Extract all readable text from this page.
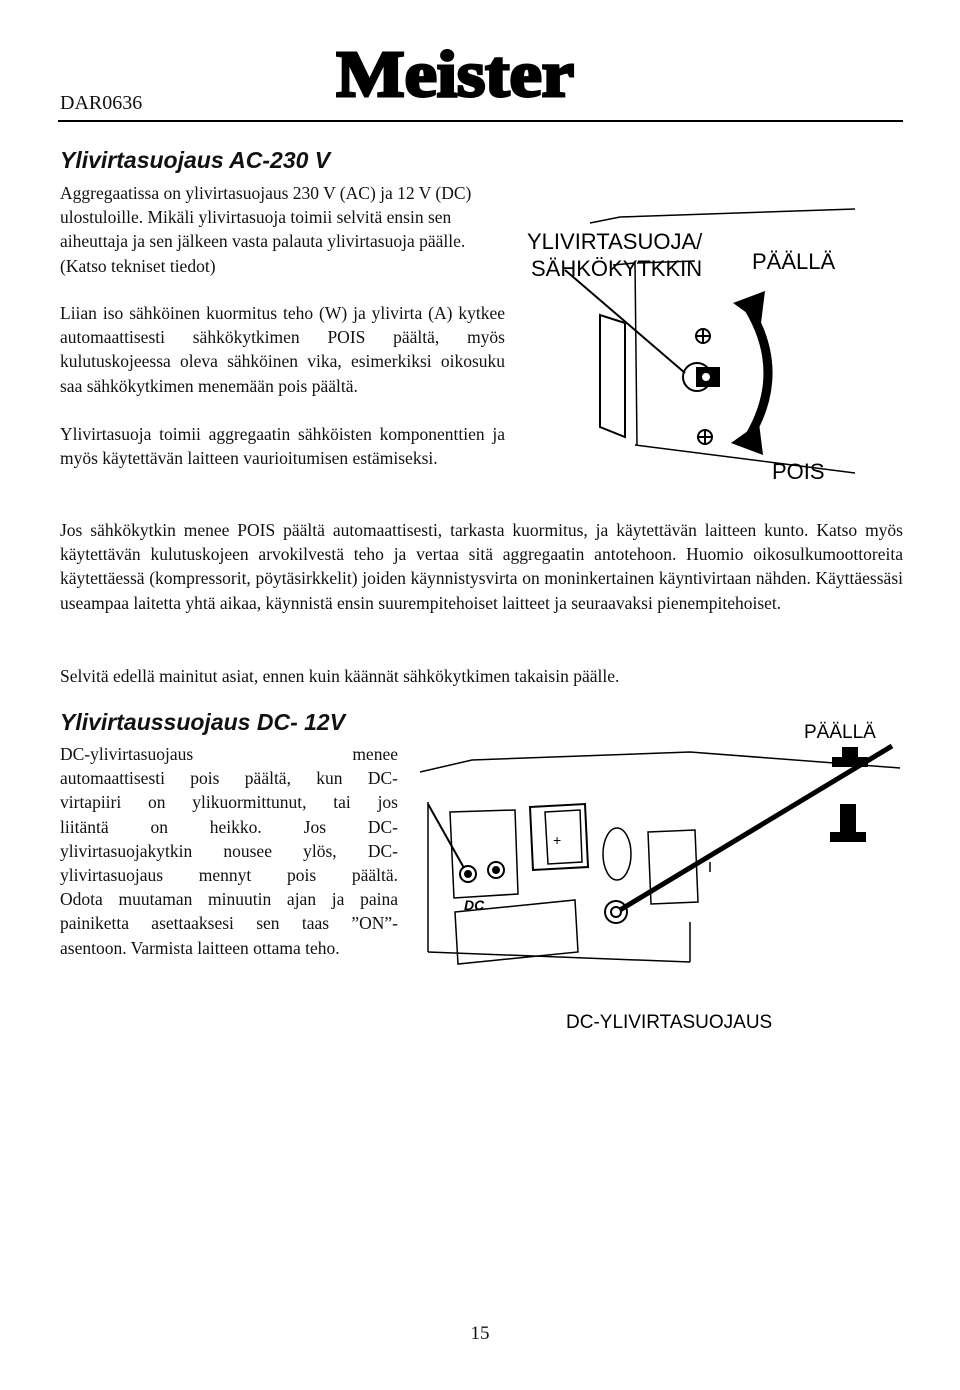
DAR0636	Meister
Ylivirtasuojaus AC-230 V

Aggregaatissa on ylivirtasuojaus 230 V (AC) ja 12 V (DC) ulostuloille. Mikäli ylivirtasuoja toimii selvitä ensin sen aiheuttaja ja sen jälkeen vasta palauta ylivirtasuoja päälle. (Katso tekniset tiedot)

Liian iso sähköinen kuormitus teho (W) ja ylivirta (A) kytkee automaattisesti sähkökytkimen POIS päältä, myös kulutuskojeessa oleva sähköinen vika, esimerkiksi oikosuku saa sähkökytkimen menemään pois päältä.

Ylivirtasuoja toimii aggregaatin sähköisten komponenttien ja myös käytettävän laitteen vaurioitumisen estämiseksi.

Jos sähkökytkin menee POIS päältä automaattisesti, tarkasta kuormitus, ja käytettävän laitteen kunto. Katso myös käytettävän kulutuskojeen arvokilvestä teho ja vertaa sitä aggregaatin antotehoon. Huomio oikosulkumoottoreita käytettäessä (kompressorit, pöytäsirkkelit) joiden käynnistysvirta on moninkertainen käyntivirtaan nähden. Käyttäessäsi useampaa laitetta yhtä aikaa, käynnistä ensin suurempitehoiset laitteet ja seuraavaksi pienempitehoiset.

Selvitä edellä mainitut asiat, ennen kuin käännät sähkökytkimen takaisin päälle.

YLIVIRTASUOJA/
SÄHKÖKYTKKIN PÄÄLLÄ
POIS
Ylivirtaussuojaus DC- 12V
DC-ylivirtasuojaus menee
automaattisesti pois päältä, kun DC-
virtapiiri on ylikuormittunut, tai jos
liitäntä on heikko. Jos DC-
ylivirtasuojakytkin nousee ylös, DC-
ylivirtasuojaus mennyt pois päältä.
Odota muutaman minuutin ajan ja paina
painiketta asettaaksesi sen taas ”ON”-
asentoon. Varmista laitteen ottama teho.
+
DC
PÄÄLLÄ
DC-YLIVIRTASUOJAUS
15
